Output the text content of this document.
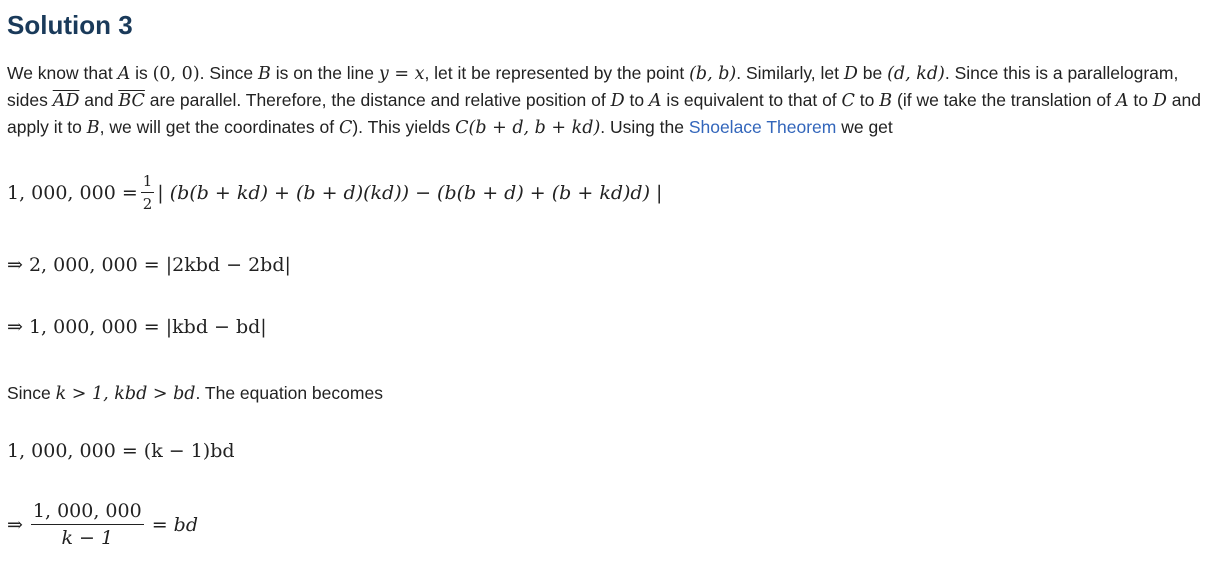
Solution 3

We know that A is (0, 0). Since B is on the line y = x, let it be represented by the point (b, b). Similarly, let D be (d, kd). Since this is a parallelogram, sides $\overline{AD}$ and $\overline{BC}$ are parallel. Therefore, the distance and relative position of D to A is equivalent to that of C to B (if we take the translation of A to D and apply it to B, we will get the coordinates of C). This yields C(b + d, b + kd). Using the Shoelace Theorem we get

1, 000, $000 = \frac{1}{2}$ | (b(b + kd) + (b + d)(kd)) − (b(b + d) + (b + kd)d) |
⇒ 2, 000, 000 = |2kbd − 2bd|
⇒ 1, 000, 000 = |kbd − bd|

Since k > 1, kbd > bd. The equation becomes

1, 000, 000 = (k − 1)bd
⇒ $\frac{1, 000, 000}{k - 1}$ = bd
